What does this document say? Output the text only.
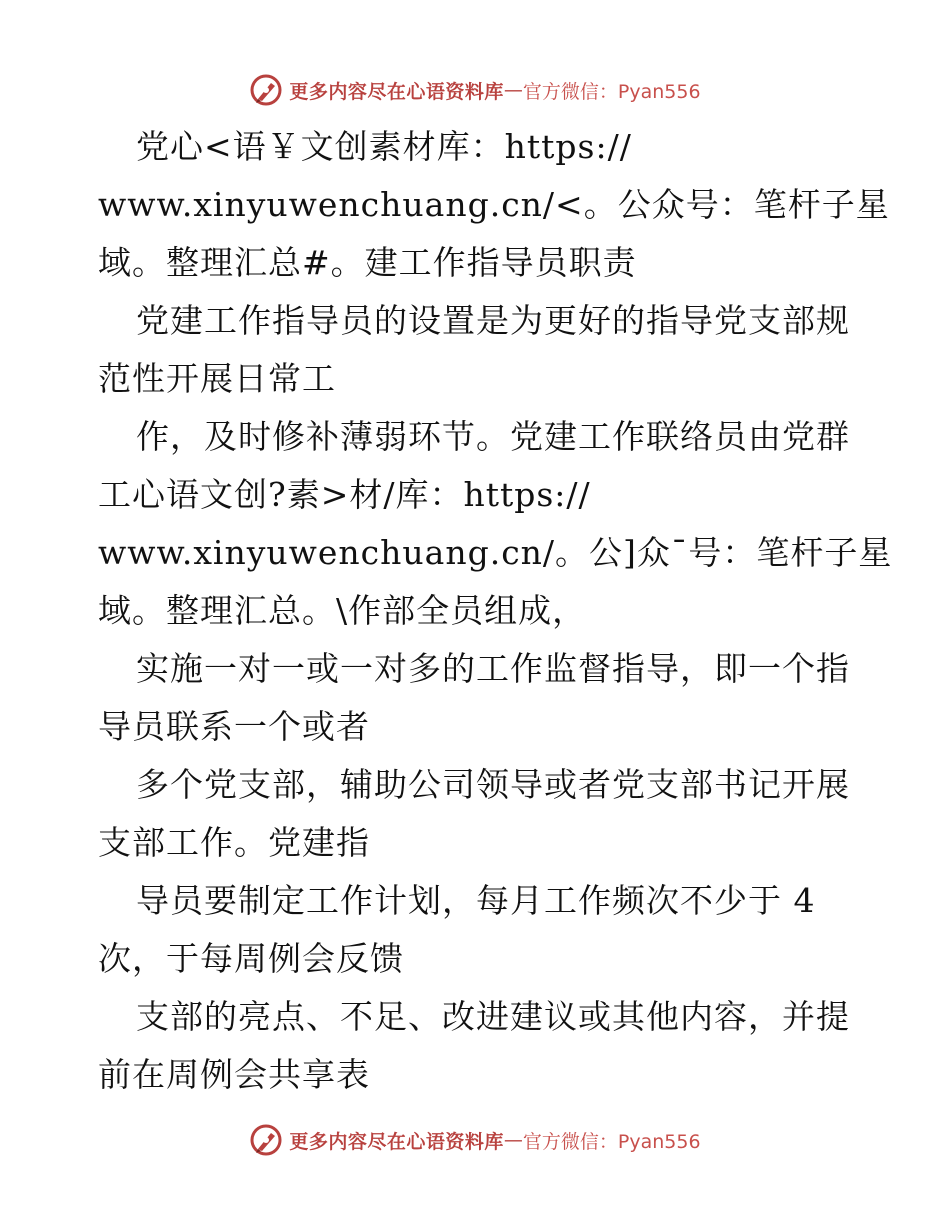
更多内容尽在心语资料库 — 官方微信：Pyan556
党心<语￥文创素材库：https://
www.xinyuwenchuang.cn/<。公众号：笔杆子星
域。整理汇总#。建工作指导员职责
党建工作指导员的设置是为更好的指导党支部规
范性开展日常工
作，及时修补薄弱环节。党建工作联络员由党群
工心语文创?素>材/库：https://
www.xinyuwenchuang.cn/。公]众¯号：笔杆子星
域。整理汇总。\作部全员组成，
实施一对一或一对多的工作监督指导，即一个指
导员联系一个或者
多个党支部，辅助公司领导或者党支部书记开展
支部工作。党建指
导员要制定工作计划，每月工作频次不少于 4
次，于每周例会反馈
支部的亮点、不足、改进建议或其他内容，并提
前在周例会共享表
更多内容尽在心语资料库 — 官方微信：Pyan556
